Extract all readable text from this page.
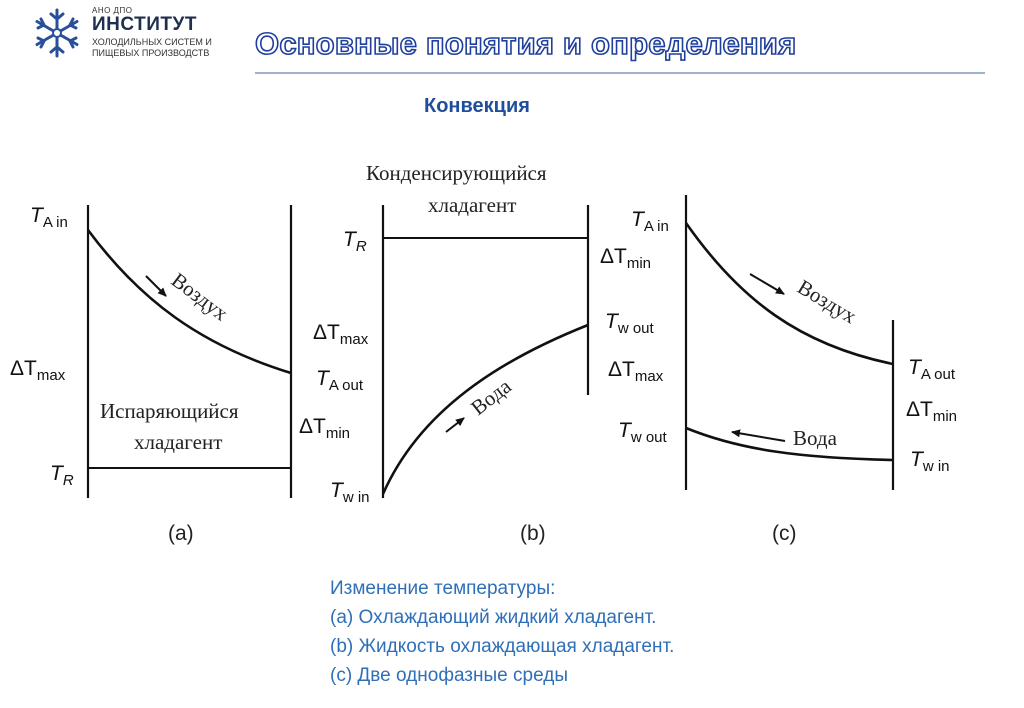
АНО ДПО
ИНСТИТУТ
ХОЛОДИЛЬНЫХ СИСТЕМ И
ПИЩЕВЫХ ПРОИЗВОДСТВ Основные понятия и определения
Конвекция
TA in
ΔTmax
TR
Воздух
Испаряющийся
хладагент
(a)
Конденсирующийся
хладагент
TR
ΔTmax
TA out
ΔTmin
Tw in
Tw out
Вода
(b)
TA in
ΔTmin
ΔTmax
Tw out
TA out
ΔTmin
Tw in
Воздух
Вода
(c)
Изменение температуры:
(a) Охлаждающий жидкий хладагент.
(b) Жидкость охлаждающая хладагент.
(c) Две однофазные среды
